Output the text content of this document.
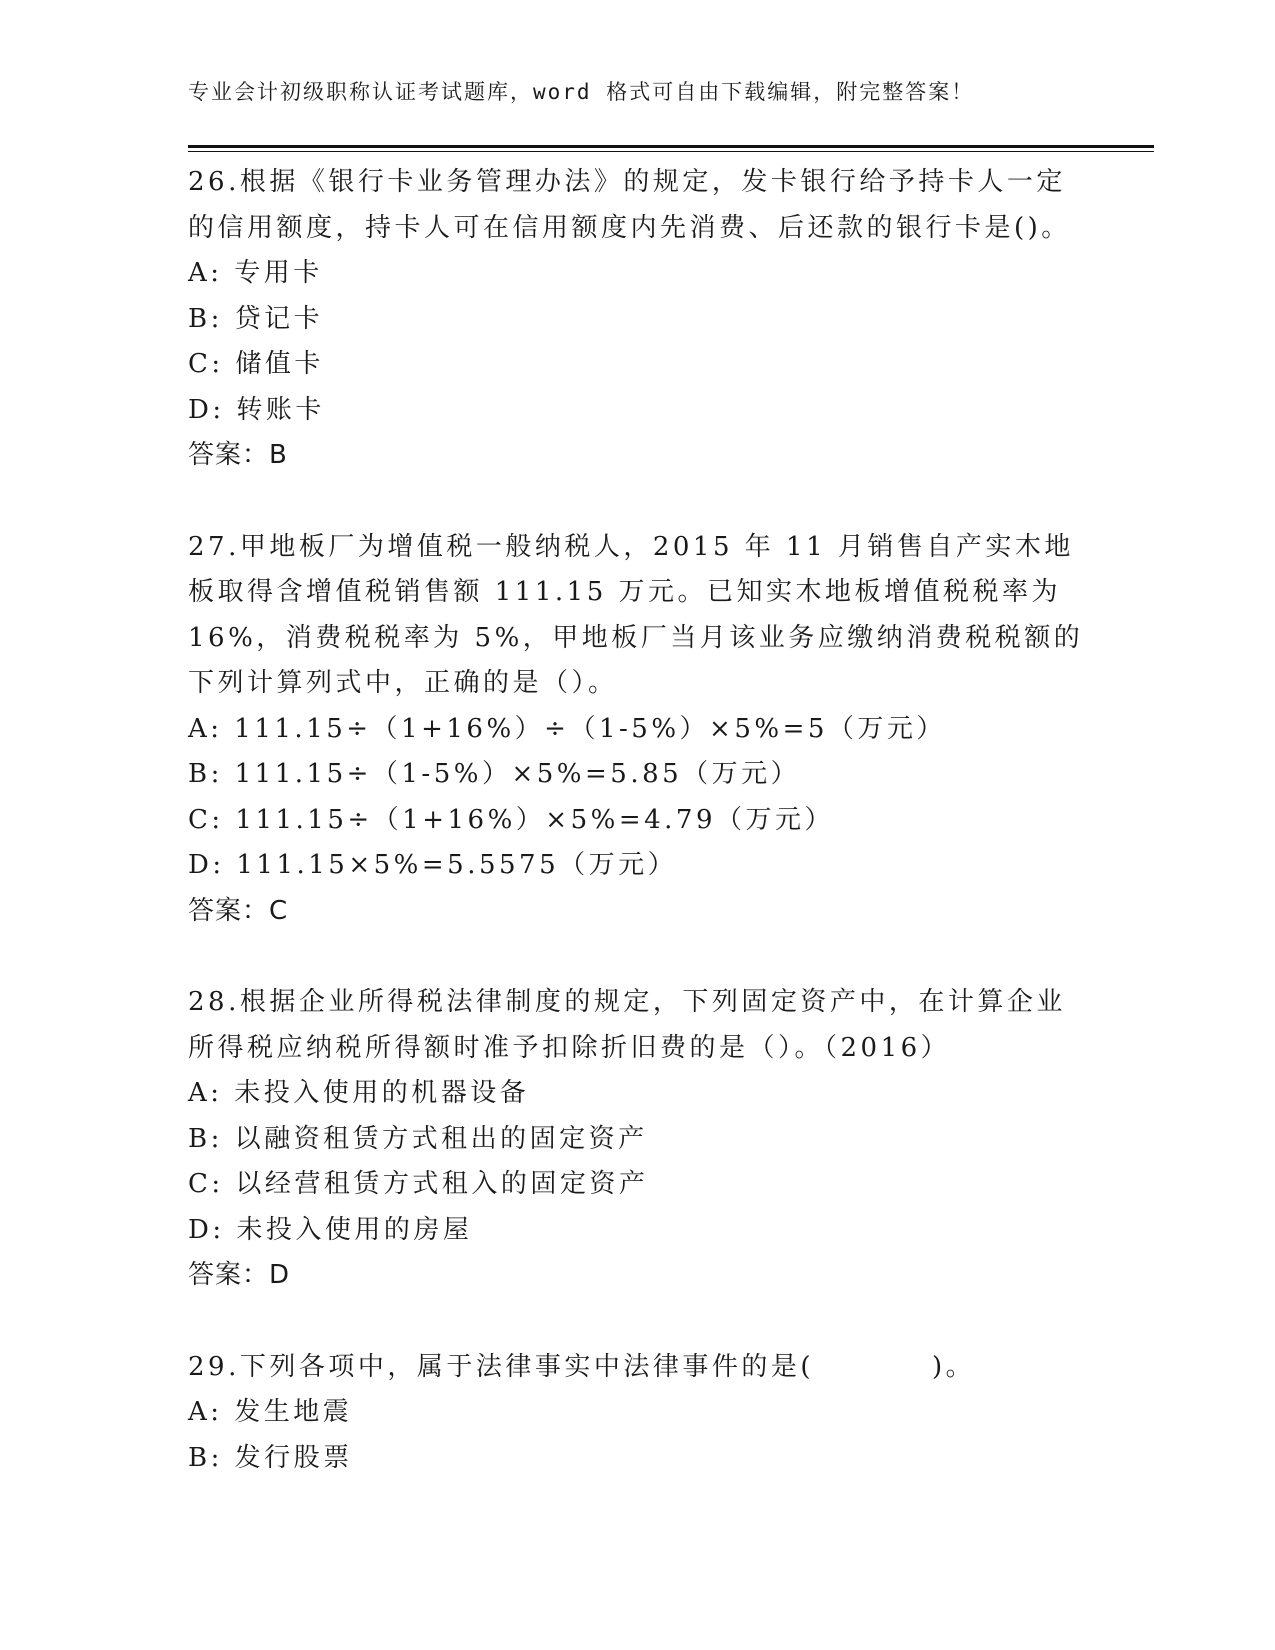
专业会计初级职称认证考试题库，word 格式可自由下载编辑，附完整答案！

26.根据《银行卡业务管理办法》的规定，发卡银行给予持卡人一定的信用额度，持卡人可在信用额度内先消费、后还款的银行卡是()。

A: 专用卡

B: 贷记卡

C: 储值卡

D: 转账卡

答案：B

27.甲地板厂为增值税一般纳税人，2015 年 11 月销售自产实木地板取得含增值税销售额 111.15 万元。已知实木地板增值税税率为 16%，消费税税率为 5%，甲地板厂当月该业务应缴纳消费税税额的下列计算列式中，正确的是（）。

A: 111.15÷（1+16%）÷（1-5%）×5%=5（万元）

B: 111.15÷（1-5%）×5%=5.85（万元）

C: 111.15÷（1+16%）×5%=4.79（万元）

D: 111.15×5%=5.5575（万元）

答案：C

28.根据企业所得税法律制度的规定，下列固定资产中，在计算企业所得税应纳税所得额时准予扣除折旧费的是（）。（2016）

A: 未投入使用的机器设备

B: 以融资租赁方式租出的固定资产

C: 以经营租赁方式租入的固定资产

D: 未投入使用的房屋

答案：D

29.下列各项中，属于法律事实中法律事件的是(　　　　)。

A: 发生地震

B: 发行股票
